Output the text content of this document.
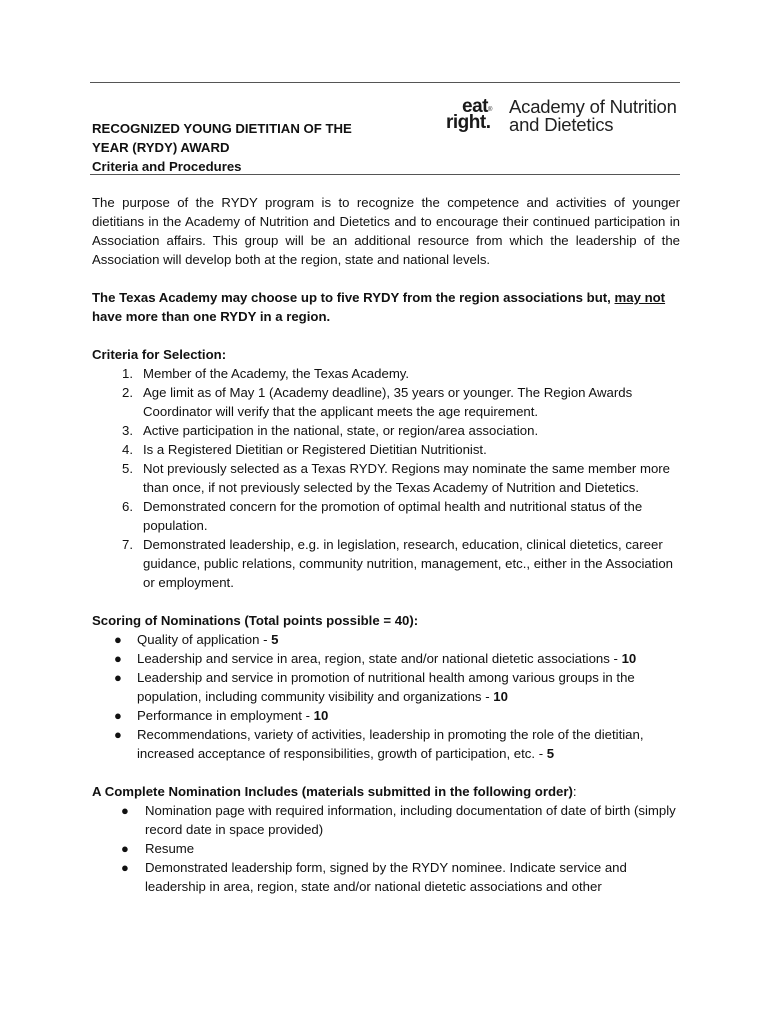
RECOGNIZED YOUNG DIETITIAN OF THE
YEAR (RYDY) AWARD
Criteria and Procedures
eat®
right.
Academy of Nutrition
and Dietetics

The purpose of the RYDY program is to recognize the competence and activities of younger dietitians in the Academy of Nutrition and Dietetics and to encourage their continued participation in Association affairs. This group will be an additional resource from which the leadership of the Association will develop both at the region, state and national levels.

The Texas Academy may choose up to five RYDY from the region associations but, may not have more than one RYDY in a region.

Criteria for Selection:

1. Member of the Academy, the Texas Academy.
2. Age limit as of May 1 (Academy deadline), 35 years or younger. The Region Awards Coordinator will verify that the applicant meets the age requirement.
3. Active participation in the national, state, or region/area association.
4. Is a Registered Dietitian or Registered Dietitian Nutritionist.
5. Not previously selected as a Texas RYDY. Regions may nominate the same member more than once, if not previously selected by the Texas Academy of Nutrition and Dietetics.
6. Demonstrated concern for the promotion of optimal health and nutritional status of the population.
7. Demonstrated leadership, e.g. in legislation, research, education, clinical dietetics, career guidance, public relations, community nutrition, management, etc., either in the Association or employment.

Scoring of Nominations (Total points possible = 40):

● Quality of application - 5
● Leadership and service in area, region, state and/or national dietetic associations - 10
● Leadership and service in promotion of nutritional health among various groups in the population, including community visibility and organizations - 10
● Performance in employment - 10
● Recommendations, variety of activities, leadership in promoting the role of the dietitian, increased acceptance of responsibilities, growth of participation, etc. - 5

A Complete Nomination Includes (materials submitted in the following order):

● Nomination page with required information, including documentation of date of birth (simply record date in space provided)
● Resume
● Demonstrated leadership form, signed by the RYDY nominee. Indicate service and leadership in area, region, state and/or national dietetic associations and other
